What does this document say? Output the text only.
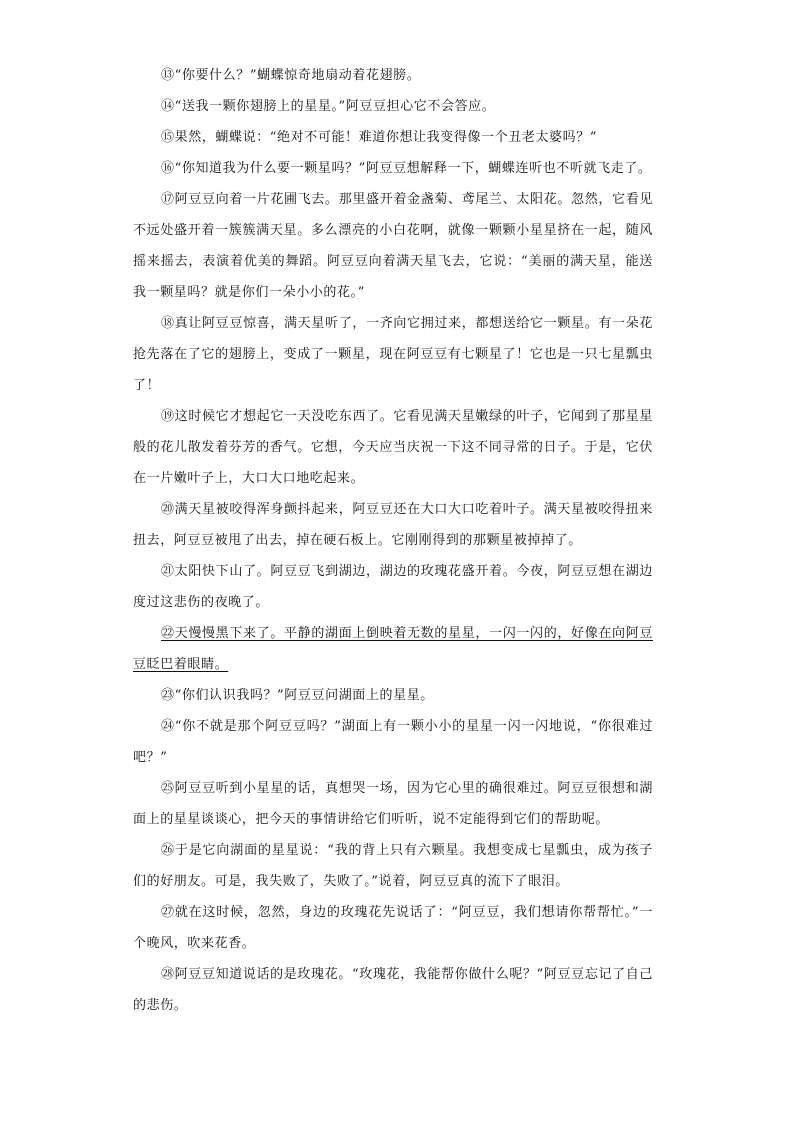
⑬“你要什么？”蝴蝶惊奇地扇动着花翅膀。

⑭“送我一颗你翅膀上的星星。”阿豆豆担心它不会答应。

⑮果然，蝴蝶说：“绝对不可能！难道你想让我变得像一个丑老太婆吗？”

⑯“你知道我为什么要一颗星吗？”阿豆豆想解释一下，蝴蝶连听也不听就飞走了。

⑰阿豆豆向着一片花圃飞去。那里盛开着金盏菊、鸢尾兰、太阳花。忽然，它看见不远处盛开着一簇簇满天星。多么漂亮的小白花啊，就像一颗颗小星星挤在一起，随风摇来摇去，表演着优美的舞蹈。阿豆豆向着满天星飞去，它说：“美丽的满天星，能送我一颗星吗？就是你们一朵小小的花。”

⑱真让阿豆豆惊喜，满天星听了，一齐向它拥过来，都想送给它一颗星。有一朵花抢先落在了它的翅膀上，变成了一颗星，现在阿豆豆有七颗星了！它也是一只七星瓢虫了！

⑲这时候它才想起它一天没吃东西了。它看见满天星嫩绿的叶子，它闻到了那星星般的花儿散发着芬芳的香气。它想，今天应当庆祝一下这不同寻常的日子。于是，它伏在一片嫩叶子上，大口大口地吃起来。

⑳满天星被咬得浑身颤抖起来，阿豆豆还在大口大口吃着叶子。满天星被咬得扭来扭去，阿豆豆被甩了出去，掉在硬石板上。它刚刚得到的那颗星被掉掉了。

㉑太阳快下山了。阿豆豆飞到湖边，湖边的玫瑰花盛开着。今夜，阿豆豆想在湖边度过这悲伤的夜晚了。

㉒天慢慢黑下来了。平静的湖面上倒映着无数的星星，一闪一闪的，好像在向阿豆豆眨巴着眼睛。

㉓“你们认识我吗？”阿豆豆问湖面上的星星。

㉔“你不就是那个阿豆豆吗？”湖面上有一颗小小的星星一闪一闪地说，“你很难过吧？”

㉕阿豆豆听到小星星的话，真想哭一场，因为它心里的确很难过。阿豆豆很想和湖面上的星星谈谈心，把今天的事情讲给它们听听，说不定能得到它们的帮助呢。

㉖于是它向湖面的星星说：“我的背上只有六颗星。我想变成七星瓢虫，成为孩子们的好朋友。可是，我失败了，失败了。”说着，阿豆豆真的流下了眼泪。

㉗就在这时候，忽然，身边的玫瑰花先说话了：“阿豆豆，我们想请你帮帮忙。”一个晚风，吹来花香。

㉘阿豆豆知道说话的是玫瑰花。“玫瑰花，我能帮你做什么呢？”阿豆豆忘记了自己的悲伤。
